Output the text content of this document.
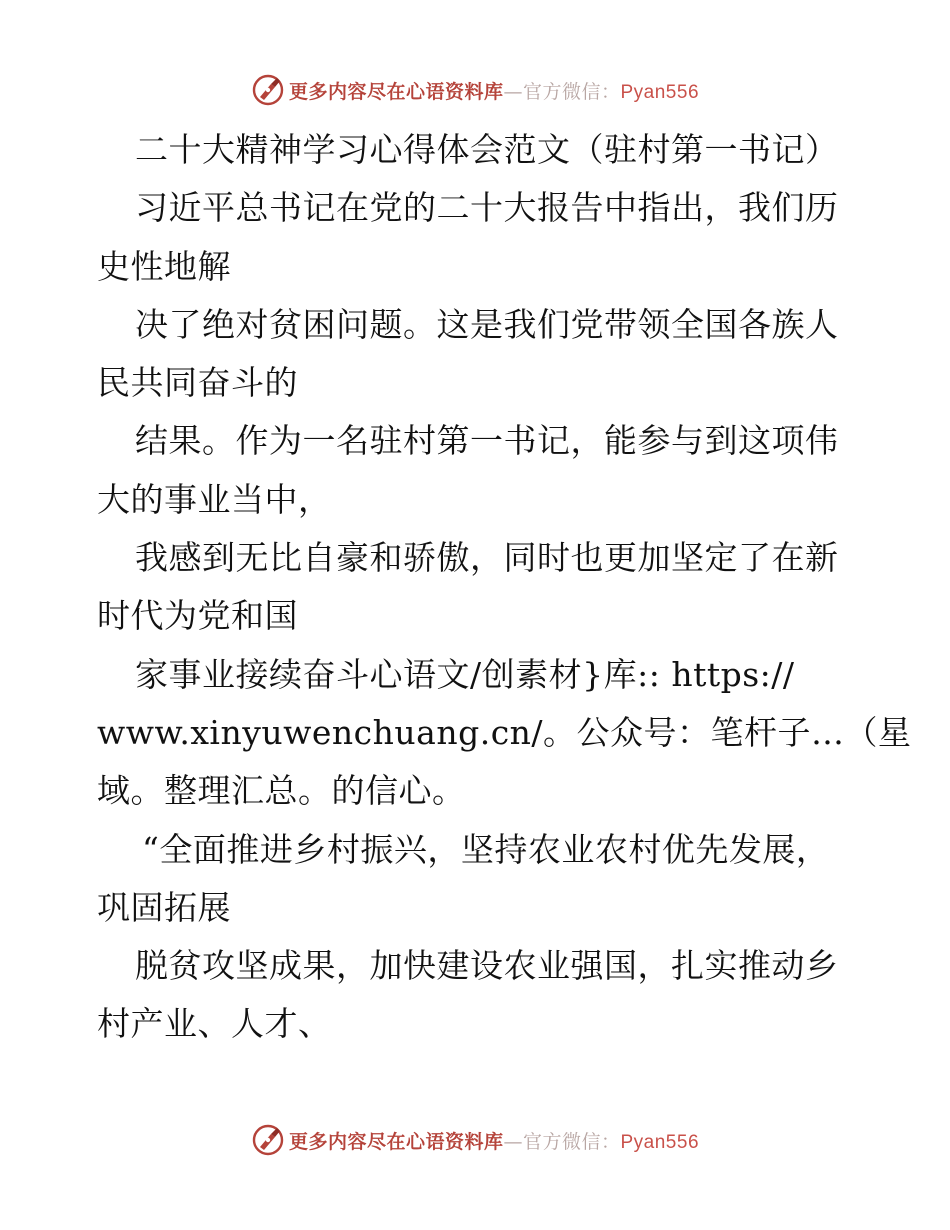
更多内容尽在心语资料库—官方微信：Pyan556
二十大精神学习心得体会范文（驻村第一书记）
习近平总书记在党的二十大报告中指出，我们历
史性地解
决了绝对贫困问题。这是我们党带领全国各族人
民共同奋斗的
结果。作为一名驻村第一书记，能参与到这项伟
大的事业当中，
我感到无比自豪和骄傲，同时也更加坚定了在新
时代为党和国
家事业接续奋斗心语文/创素材}库:: https://
www.xinyuwenchuang.cn/。公众号：笔杆子…（星
域。整理汇总。的信心。
“全面推进乡村振兴，坚持农业农村优先发展，
巩固拓展
脱贫攻坚成果，加快建设农业强国，扎实推动乡
村产业、人才、
更多内容尽在心语资料库—官方微信：Pyan556
